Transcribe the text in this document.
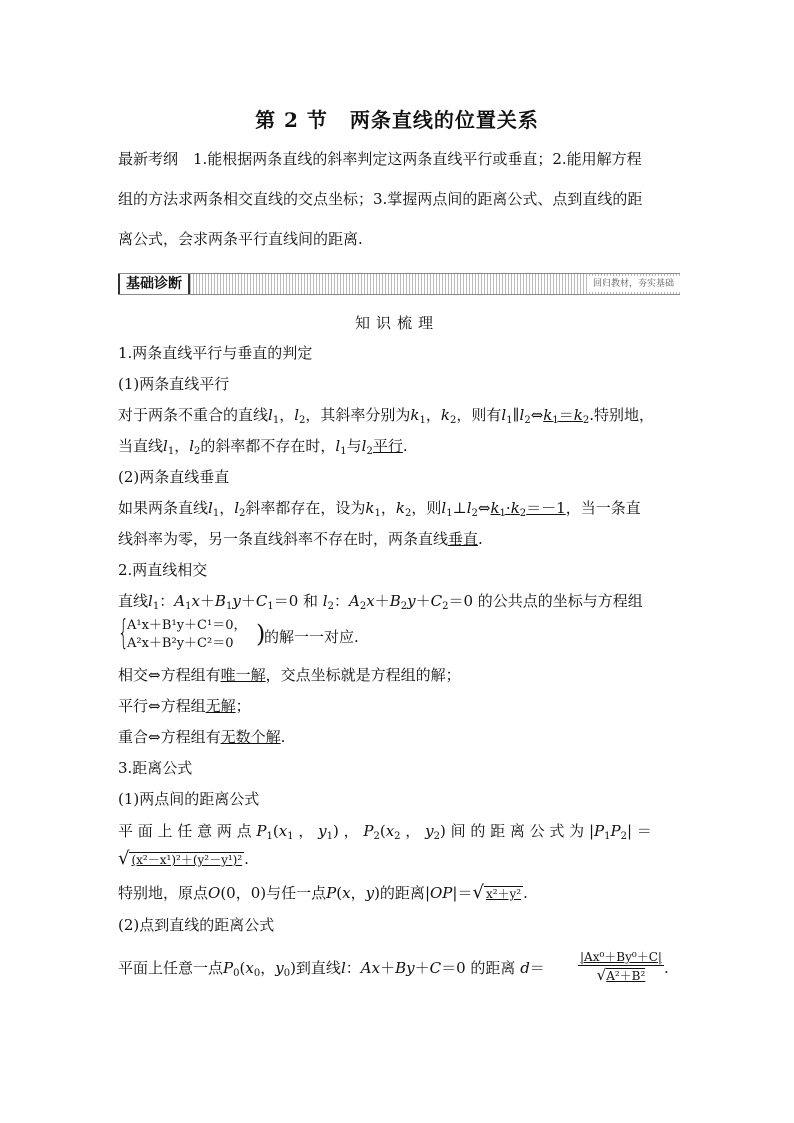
第 2 节 两条直线的位置关系

最新考纲　1.能根据两条直线的斜率判定这两条直线平行或垂直；2.能用解方程

组的方法求两条相交直线的交点坐标；3.掌握两点间的距离公式、点到直线的距

离公式，会求两条平行直线间的距离.

基础诊断	回归教材，夯实基础
知识梳理
1.两条直线平行与垂直的判定
(1)两条直线平行
对于两条不重合的直线$l_1$，$l_2$，其斜率分别为$k_1$，$k_2$，则有$l_1\parallel l_2\Leftrightarrow k_1=k_2$.特别地，
当直线$l_1$，$l_2$的斜率都不存在时，$l_1$与$l_2$平行.
(2)两条直线垂直
如果两条直线$l_1$，$l_2$斜率都存在，设为$k_1$，$k_2$，则$l_1\perp l_2\Leftrightarrow k_1\cdot k_2=-1$，当一条直
线斜率为零，另一条直线斜率不存在时，两条直线垂直.
2.两直线相交
直线$l_1$：$A_1x+B_1y+C_1=0$ 和 $l_2$：$A_2x+B_2y+C_2=0$ 的公共点的坐标与方程组
{
A¹x＋B¹y＋C¹＝0，
A²x＋B²y＋C²＝0 )
的解一一对应.
相交⇔方程组有唯一解，交点坐标就是方程组的解；
平行⇔方程组无解；
重合⇔方程组有无数个解.
3.距离公式
(1)两点间的距离公式
平 面 上 任 意 两 点 $P_1(x_1$ ， $y_1$) ， $P_2(x_2$ ， $y_2$) 间 的 距 离 公 式 为 $|P_1P_2|$ ＝
√ (x²－x¹)²＋(y²－y¹)² .
特别地，原点O(0，0)与任一点P(x，y)的距离|OP|＝√ x²＋y² .
(2)点到直线的距离公式
平面上任意一点$P_0(x_0$，$y_0$)到直线l：Ax＋By＋C＝0 的距离 d＝	$\frac{\text{|Ax⁰＋By⁰＋C|}}{\text{√A²＋B²}}$ .
